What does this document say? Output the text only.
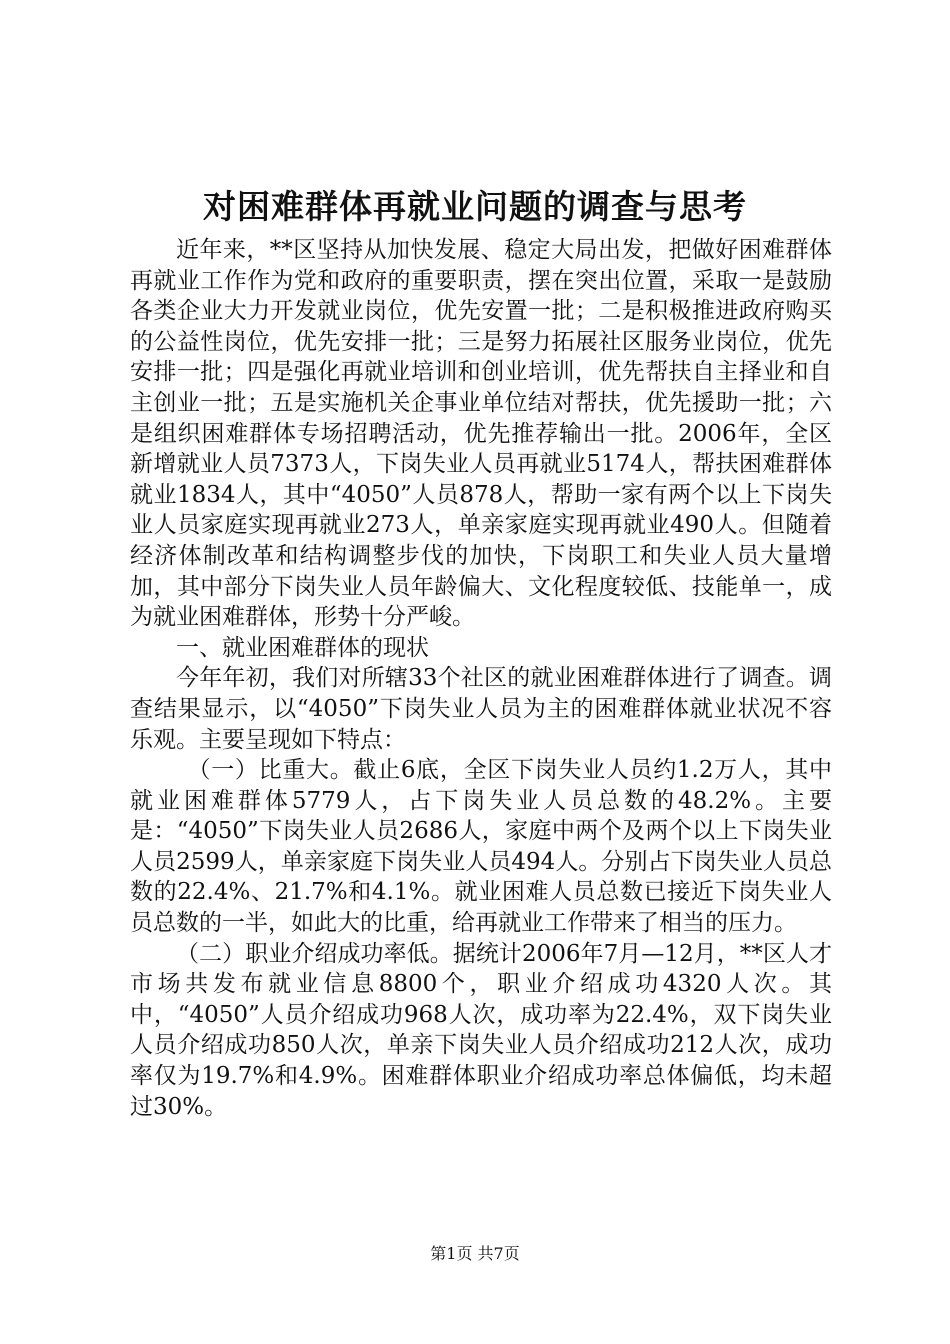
对困难群体再就业问题的调查与思考

近年来，**区坚持从加快发展、稳定大局出发，把做好困难群体再就业工作作为党和政府的重要职责，摆在突出位置，采取一是鼓励各类企业大力开发就业岗位，优先安置一批；二是积极推进政府购买的公益性岗位，优先安排一批；三是努力拓展社区服务业岗位，优先安排一批；四是强化再就业培训和创业培训，优先帮扶自主择业和自主创业一批；五是实施机关企事业单位结对帮扶，优先援助一批；六是组织困难群体专场招聘活动，优先推荐输出一批。2006年，全区新增就业人员7373人，下岗失业人员再就业5174人，帮扶困难群体就业1834人，其中“4050”人员878人，帮助一家有两个以上下岗失业人员家庭实现再就业273人，单亲家庭实现再就业490人。但随着经济体制改革和结构调整步伐的加快，下岗职工和失业人员大量增加，其中部分下岗失业人员年龄偏大、文化程度较低、技能单一，成为就业困难群体，形势十分严峻。

一、就业困难群体的现状

今年年初，我们对所辖33个社区的就业困难群体进行了调查。调查结果显示，以“4050”下岗失业人员为主的困难群体就业状况不容乐观。主要呈现如下特点：

（一）比重大。截止6底，全区下岗失业人员约1.2万人，其中就业困难群体5779人，占下岗失业人员总数的48.2%。主要是：“4050”下岗失业人员2686人，家庭中两个及两个以上下岗失业人员2599人，单亲家庭下岗失业人员494人。分别占下岗失业人员总数的22.4%、21.7%和4.1%。就业困难人员总数已接近下岗失业人员总数的一半，如此大的比重，给再就业工作带来了相当的压力。

（二）职业介绍成功率低。据统计2006年7月—12月，**区人才市场共发布就业信息8800个，职业介绍成功4320人次。其中，“4050”人员介绍成功968人次，成功率为22.4%，双下岗失业人员介绍成功850人次，单亲下岗失业人员介绍成功212人次，成功率仅为19.7%和4.9%。困难群体职业介绍成功率总体偏低，均未超过30%。

第1页 共7页
